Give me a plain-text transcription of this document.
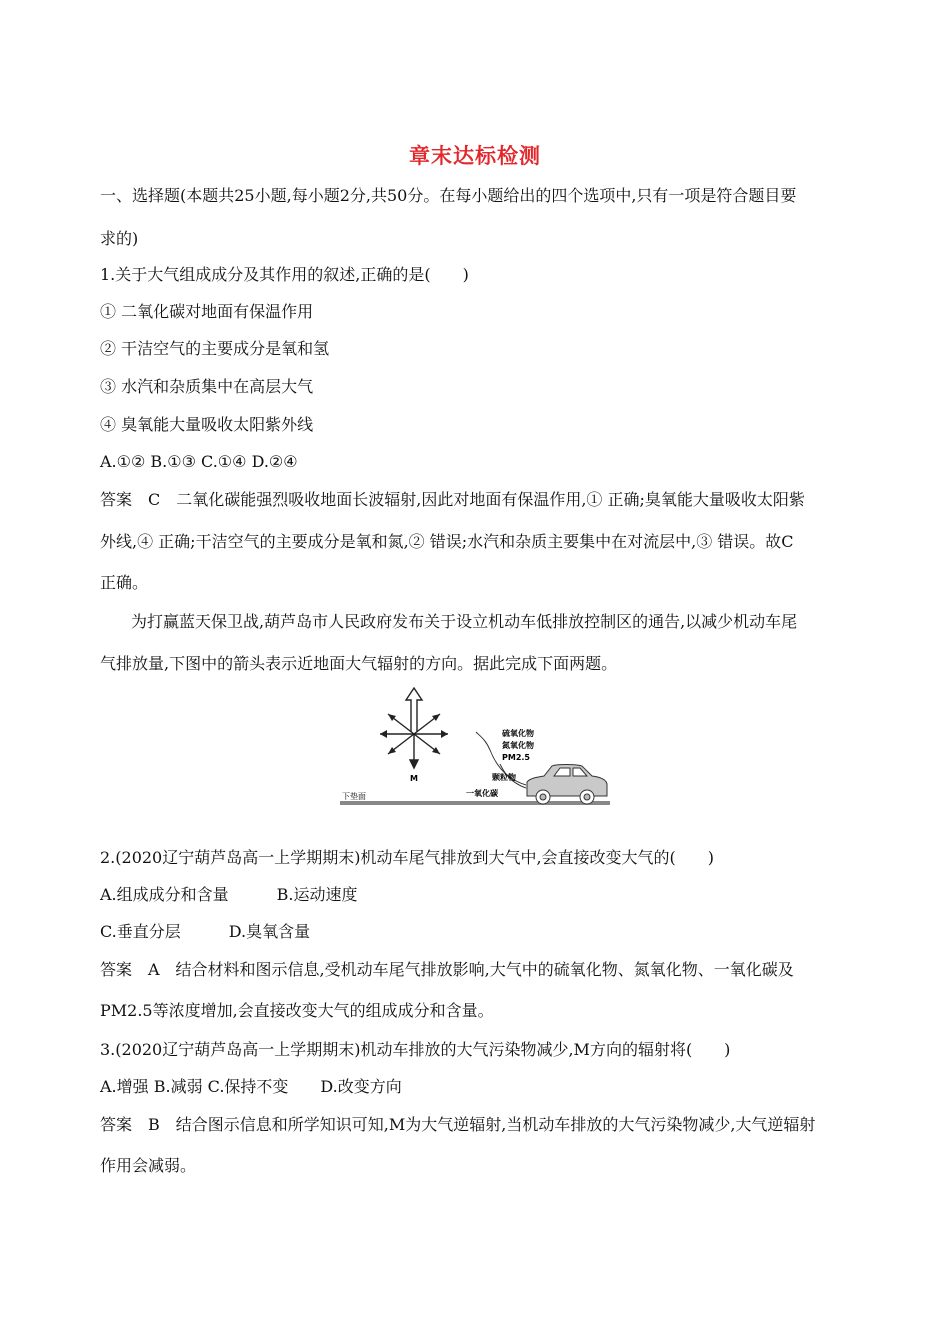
章末达标检测
一、选择题(本题共25小题,每小题2分,共50分。在每小题给出的四个选项中,只有一项是符合题目要
求的)
1.关于大气组成成分及其作用的叙述,正确的是(　　)
① 二氧化碳对地面有保温作用
② 干洁空气的主要成分是氧和氢
③ 水汽和杂质集中在高层大气
④ 臭氧能大量吸收太阳紫外线
A.①② B.①③ C.①④ D.②④
答案　C　二氧化碳能强烈吸收地面长波辐射,因此对地面有保温作用,① 正确;臭氧能大量吸收太阳紫
外线,④ 正确;干洁空气的主要成分是氧和氮,② 错误;水汽和杂质主要集中在对流层中,③ 错误。故C
正确。
为打赢蓝天保卫战,葫芦岛市人民政府发布关于设立机动车低排放控制区的通告,以减少机动车尾
气排放量,下图中的箭头表示近地面大气辐射的方向。据此完成下面两题。
M
下垫面
硫氧化物
氮氧化物
PM2.5
颗粒物
一氧化碳
2.(2020辽宁葫芦岛高一上学期期末)机动车尾气排放到大气中,会直接改变大气的(　　)
A.组成成分和含量　　　B.运动速度
C.垂直分层　　　D.臭氧含量
答案　A　结合材料和图示信息,受机动车尾气排放影响,大气中的硫氧化物、氮氧化物、一氧化碳及
PM2.5等浓度增加,会直接改变大气的组成成分和含量。
3.(2020辽宁葫芦岛高一上学期期末)机动车排放的大气污染物减少,M方向的辐射将(　　)
A.增强 B.减弱 C.保持不变　　D.改变方向
答案　B　结合图示信息和所学知识可知,M为大气逆辐射,当机动车排放的大气污染物减少,大气逆辐射
作用会减弱。
